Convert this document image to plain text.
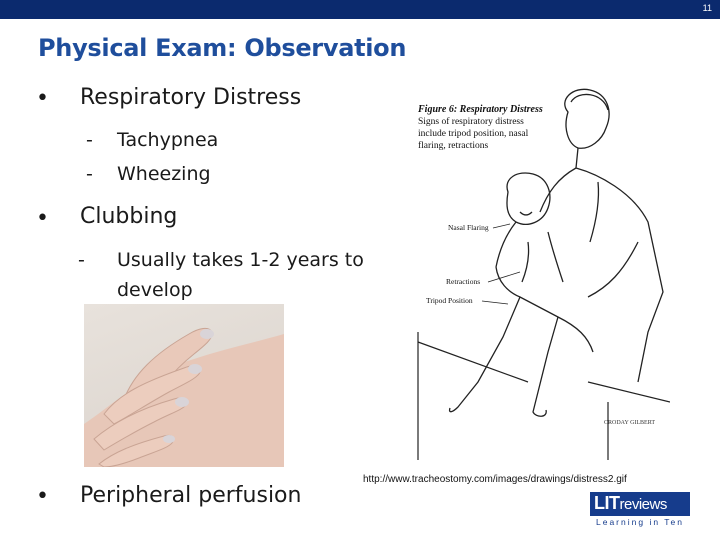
11
Physical Exam: Observation
• Respiratory Distress
- Tachypnea
- Wheezing
• Clubbing
- Usually takes 1-2 years to
develop
Figure 6: Respiratory Distress
Signs of respiratory distress
include tripod position, nasal
flaring, retractions
Nasal Flaring
Retractions
Tripod Position
CRODAY GILBERT
• Peripheral perfusion
http://www.tracheostomy.com/images/drawings/distress2.gif
LITreviews
Learning in Ten
